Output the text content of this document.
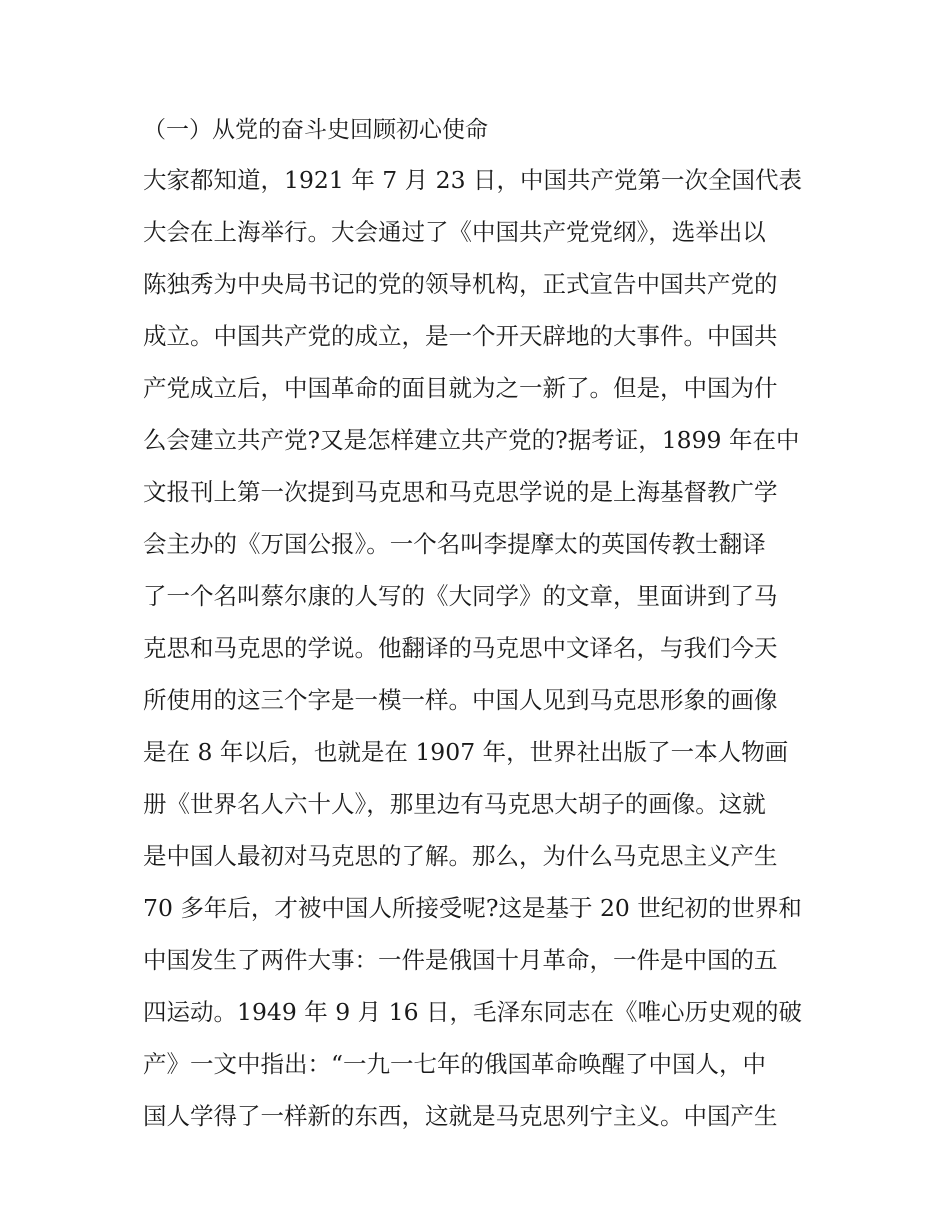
（一）从党的奋斗史回顾初心使命
大家都知道，1921 年 7 月 23 日，中国共产党第一次全国代表
大会在上海举行。大会通过了《中国共产党党纲》，选举出以
陈独秀为中央局书记的党的领导机构，正式宣告中国共产党的
成立。中国共产党的成立，是一个开天辟地的大事件。中国共
产党成立后，中国革命的面目就为之一新了。但是，中国为什
么会建立共产党?又是怎样建立共产党的?据考证，1899 年在中
文报刊上第一次提到马克思和马克思学说的是上海基督教广学
会主办的《万国公报》。一个名叫李提摩太的英国传教士翻译
了一个名叫蔡尔康的人写的《大同学》的文章，里面讲到了马
克思和马克思的学说。他翻译的马克思中文译名，与我们今天
所使用的这三个字是一模一样。中国人见到马克思形象的画像
是在 8 年以后，也就是在 1907 年，世界社出版了一本人物画
册《世界名人六十人》，那里边有马克思大胡子的画像。这就
是中国人最初对马克思的了解。那么，为什么马克思主义产生
70 多年后，才被中国人所接受呢?这是基于 20 世纪初的世界和
中国发生了两件大事：一件是俄国十月革命，一件是中国的五
四运动。1949 年 9 月 16 日，毛泽东同志在《唯心历史观的破
产》一文中指出：“一九一七年的俄国革命唤醒了中国人，中
国人学得了一样新的东西，这就是马克思列宁主义。中国产生
